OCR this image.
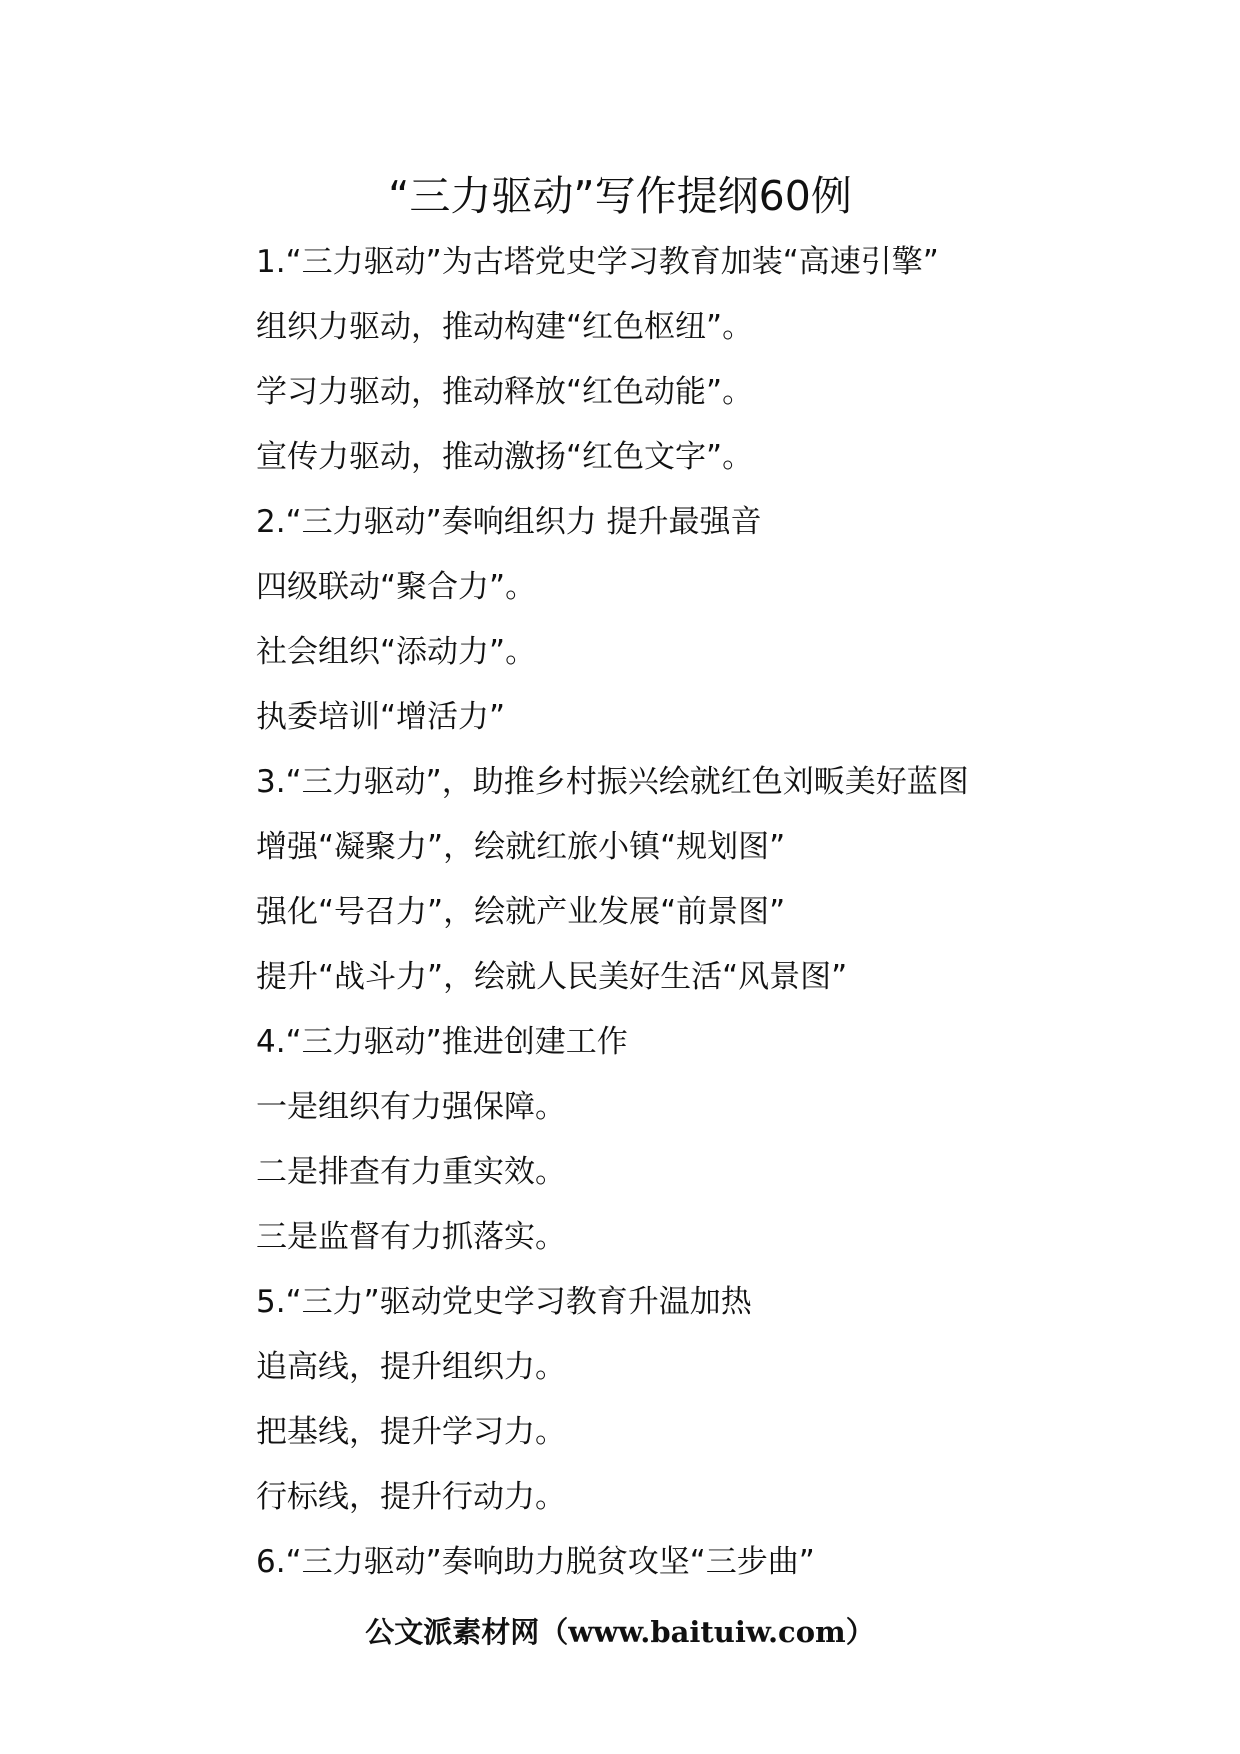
“三力驱动”写作提纲60例
1.“三力驱动”为古塔党史学习教育加装“高速引擎”
组织力驱动，推动构建“红色枢纽”。
学习力驱动，推动释放“红色动能”。
宣传力驱动，推动激扬“红色文字”。
2.“三力驱动”奏响组织力 提升最强音
四级联动“聚合力”。
社会组织“添动力”。
执委培训“增活力”
3.“三力驱动”，助推乡村振兴绘就红色刘畈美好蓝图
增强“凝聚力”，绘就红旅小镇“规划图”
强化“号召力”，绘就产业发展“前景图”
提升“战斗力”，绘就人民美好生活“风景图”
4.“三力驱动”推进创建工作
一是组织有力强保障。
二是排查有力重实效。
三是监督有力抓落实。
5.“三力”驱动党史学习教育升温加热
追高线，提升组织力。
把基线，提升学习力。
行标线，提升行动力。
6.“三力驱动”奏响助力脱贫攻坚“三步曲”
公文派素材网（www.baituiw.com）
